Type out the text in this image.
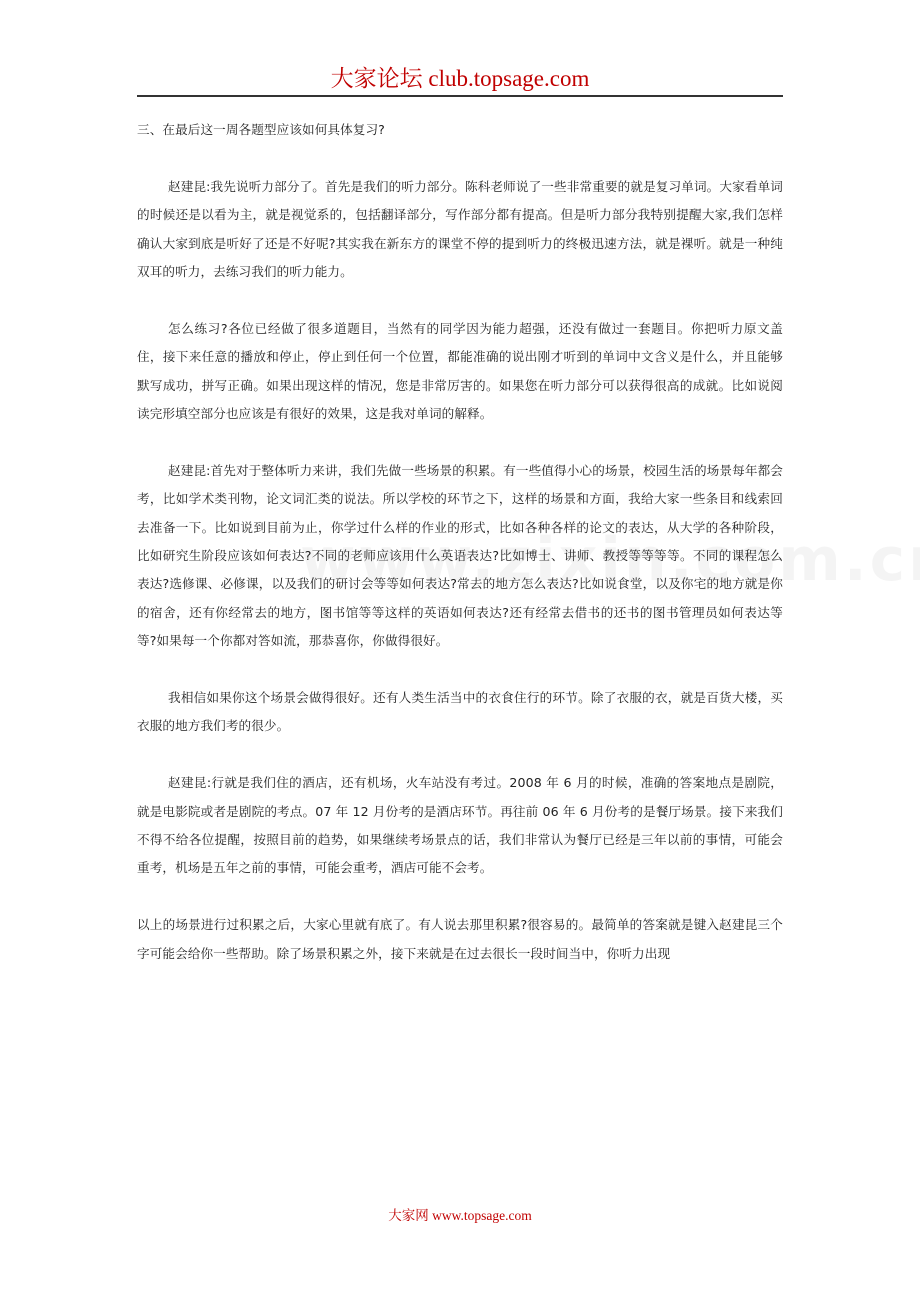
大家论坛 club.topsage.com

三、在最后这一周各题型应该如何具体复习?

赵建昆:我先说听力部分了。首先是我们的听力部分。陈科老师说了一些非常重要的就是复习单词。大家看单词的时候还是以看为主，就是视觉系的，包括翻译部分，写作部分都有提高。但是听力部分我特别提醒大家,我们怎样确认大家到底是听好了还是不好呢?其实我在新东方的课堂不停的提到听力的终极迅速方法，就是裸听。就是一种纯双耳的听力，去练习我们的听力能力。

怎么练习?各位已经做了很多道题目，当然有的同学因为能力超强，还没有做过一套题目。你把听力原文盖住，接下来任意的播放和停止，停止到任何一个位置，都能准确的说出刚才听到的单词中文含义是什么，并且能够默写成功，拼写正确。如果出现这样的情况，您是非常厉害的。如果您在听力部分可以获得很高的成就。比如说阅读完形填空部分也应该是有很好的效果，这是我对单词的解释。

赵建昆:首先对于整体听力来讲，我们先做一些场景的积累。有一些值得小心的场景，校园生活的场景每年都会考，比如学术类刊物，论文词汇类的说法。所以学校的环节之下，这样的场景和方面，我给大家一些条目和线索回去准备一下。比如说到目前为止，你学过什么样的作业的形式，比如各种各样的论文的表达，从大学的各种阶段，比如研究生阶段应该如何表达?不同的老师应该用什么英语表达?比如博士、讲师、教授等等等等。不同的课程怎么表达?选修课、必修课，以及我们的研讨会等等如何表达?常去的地方怎么表达?比如说食堂，以及你宅的地方就是你的宿舍，还有你经常去的地方，图书馆等等这样的英语如何表达?还有经常去借书的还书的图书管理员如何表达等等?如果每一个你都对答如流，那恭喜你，你做得很好。

我相信如果你这个场景会做得很好。还有人类生活当中的衣食住行的环节。除了衣服的衣，就是百货大楼，买衣服的地方我们考的很少。

赵建昆:行就是我们住的酒店，还有机场，火车站没有考过。2008 年 6 月的时候，准确的答案地点是剧院，就是电影院或者是剧院的考点。07 年 12 月份考的是酒店环节。再往前 06 年 6 月份考的是餐厅场景。接下来我们不得不给各位提醒，按照目前的趋势，如果继续考场景点的话，我们非常认为餐厅已经是三年以前的事情，可能会重考，机场是五年之前的事情，可能会重考，酒店可能不会考。

以上的场景进行过积累之后，大家心里就有底了。有人说去那里积累?很容易的。最简单的答案就是键入赵建昆三个字可能会给你一些帮助。除了场景积累之外，接下来就是在过去很长一段时间当中，你听力出现

大家网 www.topsage.com
